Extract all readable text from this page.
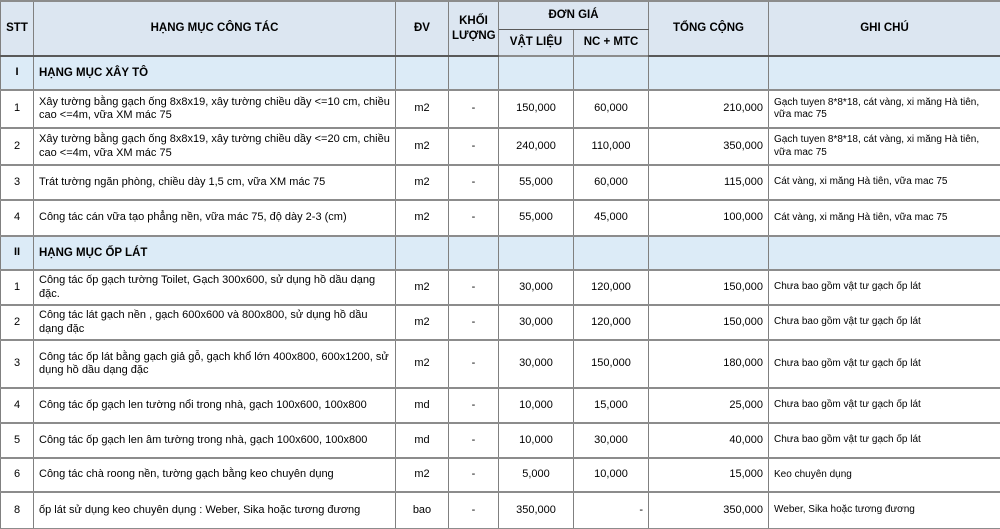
STT	HẠNG MỤC CÔNG TÁC	ĐV	KHỐI LƯỢNG	ĐƠN GIÁ		TỔNG CỘNG	GHI CHÚ
				VẬT LIỆU	NC + MTC		
I	HẠNG MỤC XÂY TÔ						
1	Xây tường bằng gạch ống 8x8x19, xây tường chiều dầy <=10 cm, chiều cao <=4m, vữa XM mác 75	m2	-	150,000	60,000	210,000	Gạch tuyen 8*8*18, cát vàng, xi măng Hà tiên, vữa mac 75
2	Xây tường bằng gạch ống 8x8x19, xây tường chiều dầy <=20 cm, chiều cao <=4m, vữa XM mác 75	m2	-	240,000	110,000	350,000	Gạch tuyen 8*8*18, cát vàng, xi măng Hà tiên, vữa mac 75
3	Trát tường ngăn phòng, chiều dày 1,5 cm, vữa XM mác 75	m2	-	55,000	60,000	115,000	Cát vàng, xi măng Hà tiên, vữa mac 75
4	Công tác cán vữa tạo phẳng nền, vữa mác 75, độ dày 2-3 (cm)	m2	-	55,000	45,000	100,000	Cát vàng, xi măng Hà tiên, vữa mac 75
II	HẠNG MỤC ỐP LÁT						
1	Công tác ốp gạch tường Toilet, Gạch 300x600, sử dụng hồ dầu dạng đặc.	m2	-	30,000	120,000	150,000	Chưa bao gồm vật tư gạch ốp lát
2	Công tác lát gạch nền , gạch 600x600 và 800x800, sử dụng hồ dầu dạng đặc	m2	-	30,000	120,000	150,000	Chưa bao gồm vật tư gạch ốp lát
3	Công tác ốp lát bằng gạch giả gỗ, gạch khổ lớn 400x800, 600x1200, sử dụng hồ dầu dạng đặc	m2	-	30,000	150,000	180,000	Chưa bao gồm vật tư gạch ốp lát
4	Công tác ốp gạch len tường nổi trong nhà, gạch 100x600, 100x800	md	-	10,000	15,000	25,000	Chưa bao gồm vật tư gạch ốp lát
5	Công tác ốp gạch len âm tường trong nhà, gạch 100x600, 100x800	md	-	10,000	30,000	40,000	Chưa bao gồm vật tư gạch ốp lát
6	Công tác chà roong nền, tường gạch bằng keo chuyên dụng	m2	-	5,000	10,000	15,000	Keo chuyên dụng
8	ốp lát sử dụng keo chuyên dụng : Weber, Sika hoặc tương đương	bao	-	350,000	-	350,000	Weber, Sika hoặc tương đương
